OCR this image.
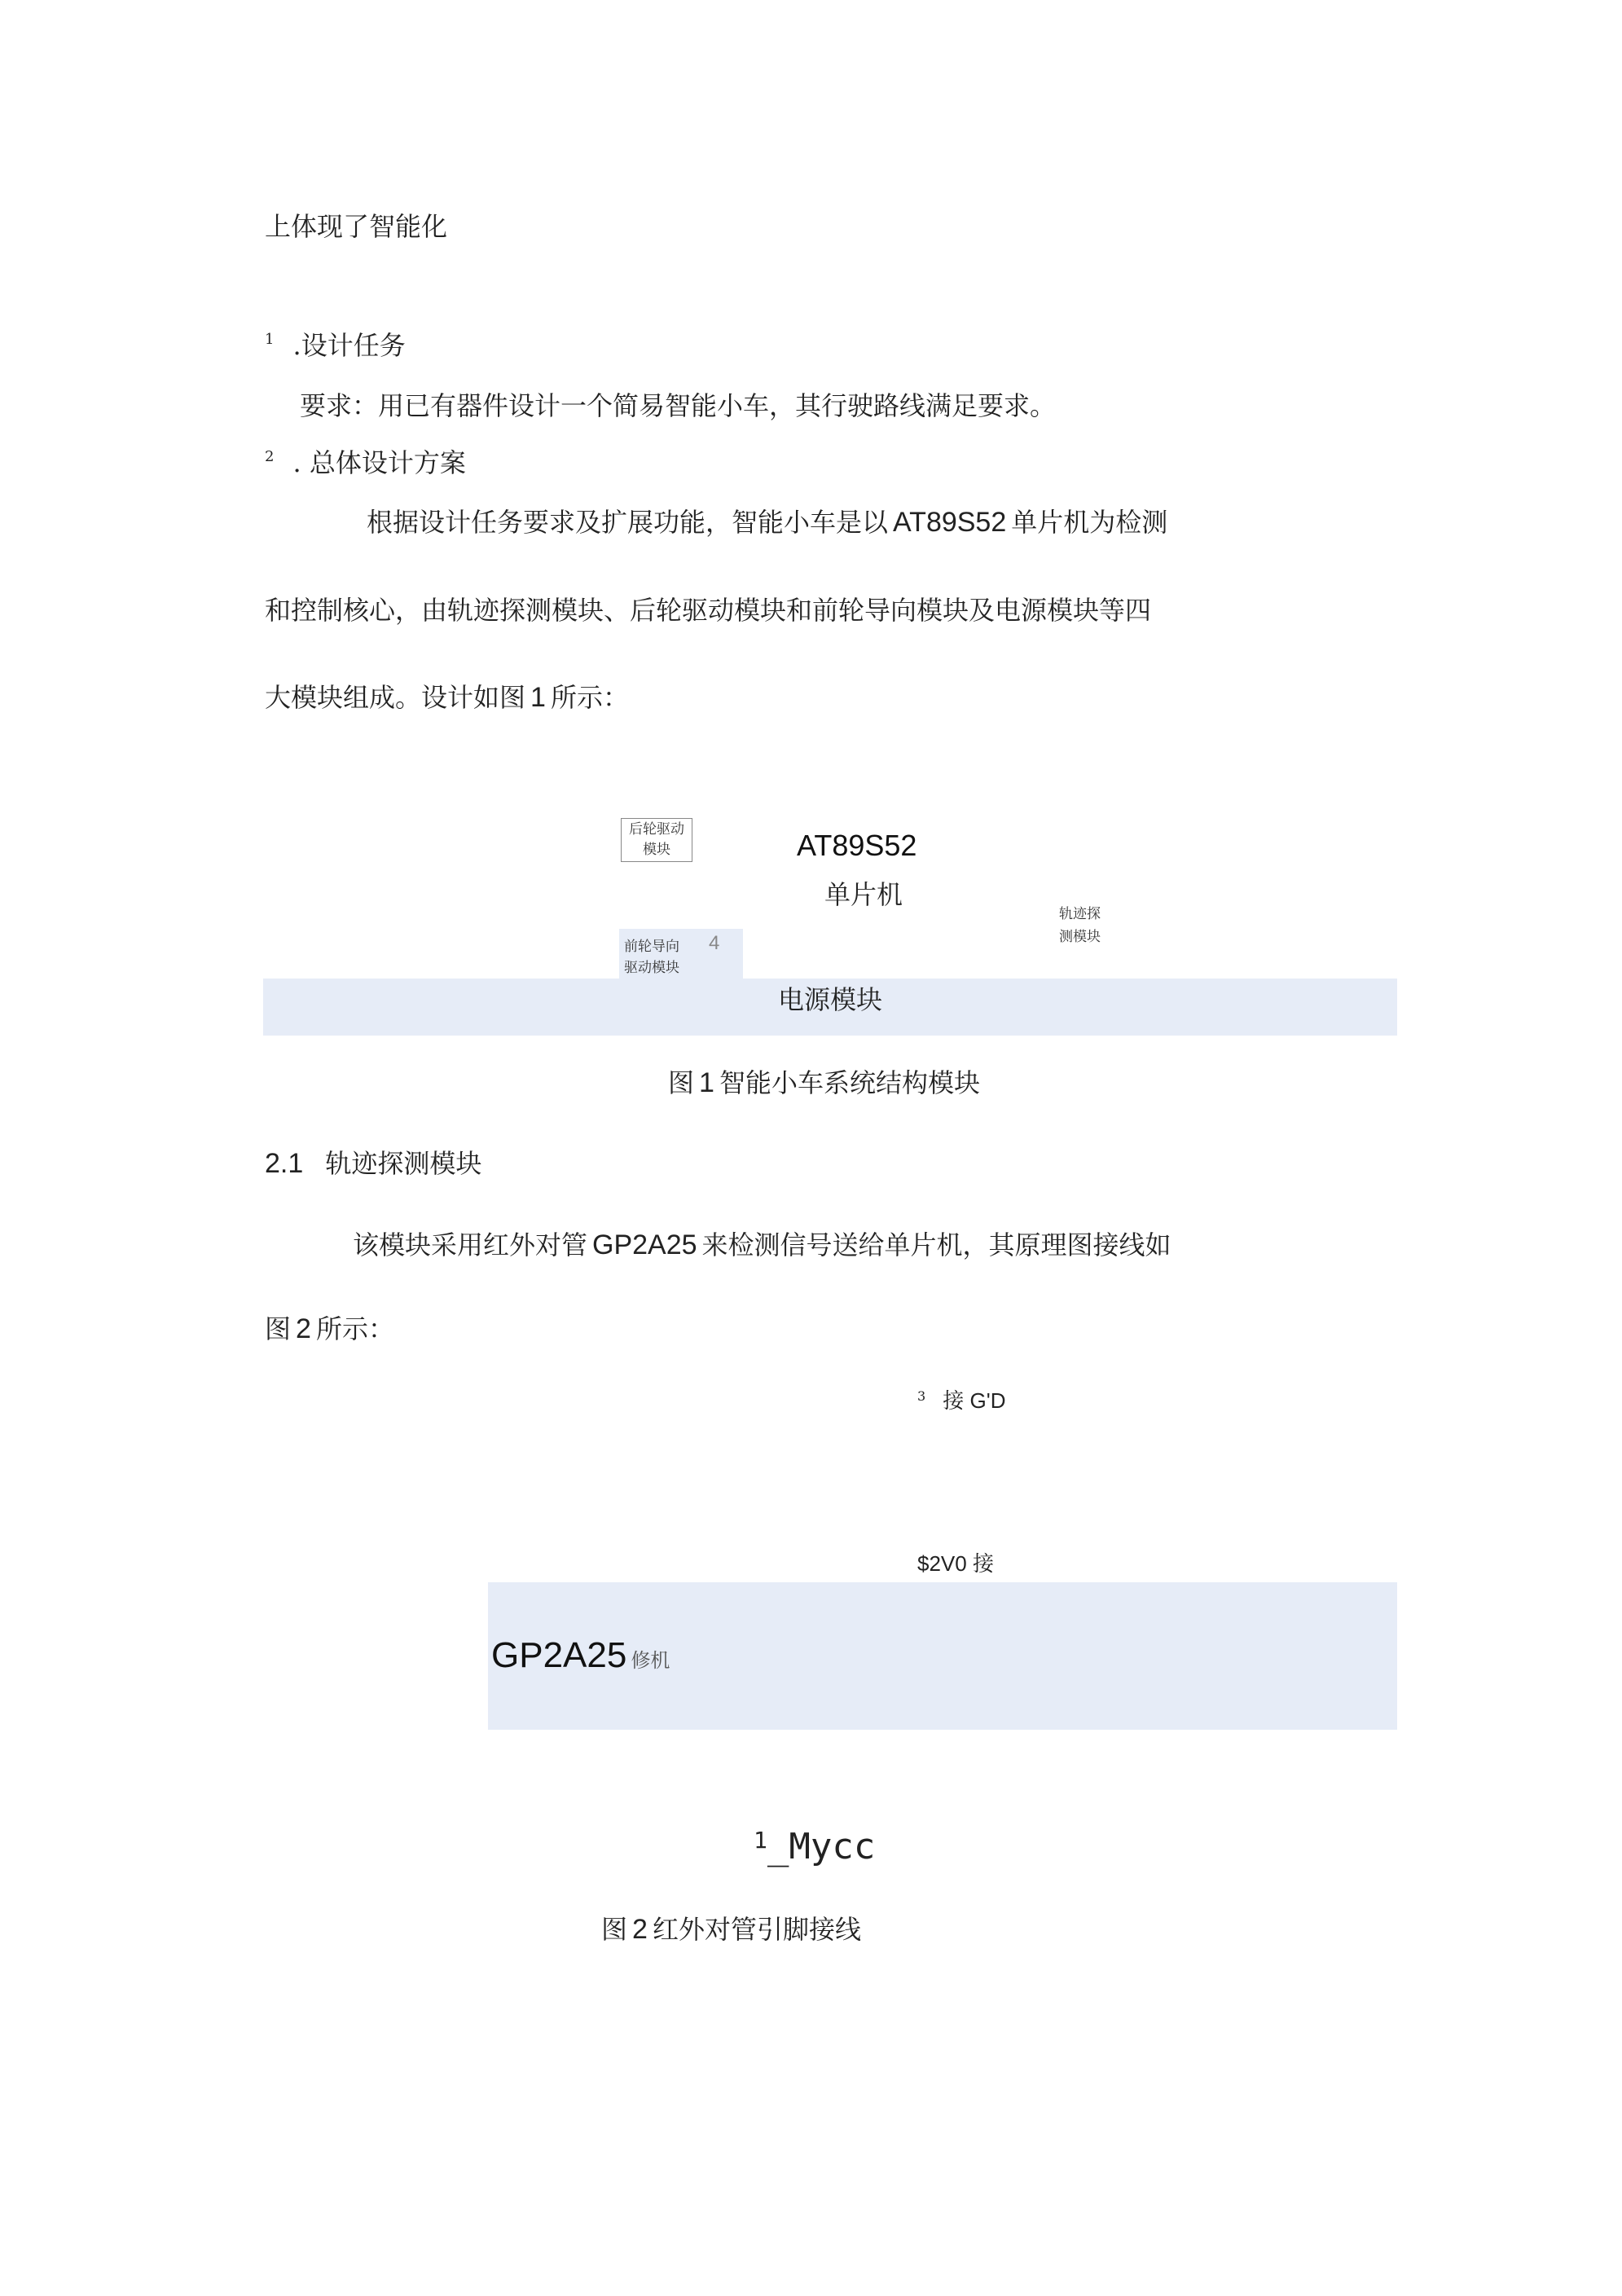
上体现了智能化
1 .设计任务
要求：用已有器件设计一个简易智能小车，其行驶路线满足要求。
2 . 总体设计方案
根据设计任务要求及扩展功能，智能小车是以 AT89S52 单片机为检测
和控制核心，由轨迹探测模块、后轮驱动模块和前轮导向模块及电源模块等四
大模块组成。设计如图 1 所示：
后轮驱动
模块	AT89S52
单片机
轨迹探
测模块
前轮导向
驱动模块
4
电源模块
图 1 智能小车系统结构模块
2.1 轨迹探测模块
该模块采用红外对管 GP2A25 来检测信号送给单片机，其原理图接线如
图 2 所示：
3 接 G'D
$2V0 接
GP2A25 修机
1_Mycc
图 2 红外对管引脚接线
